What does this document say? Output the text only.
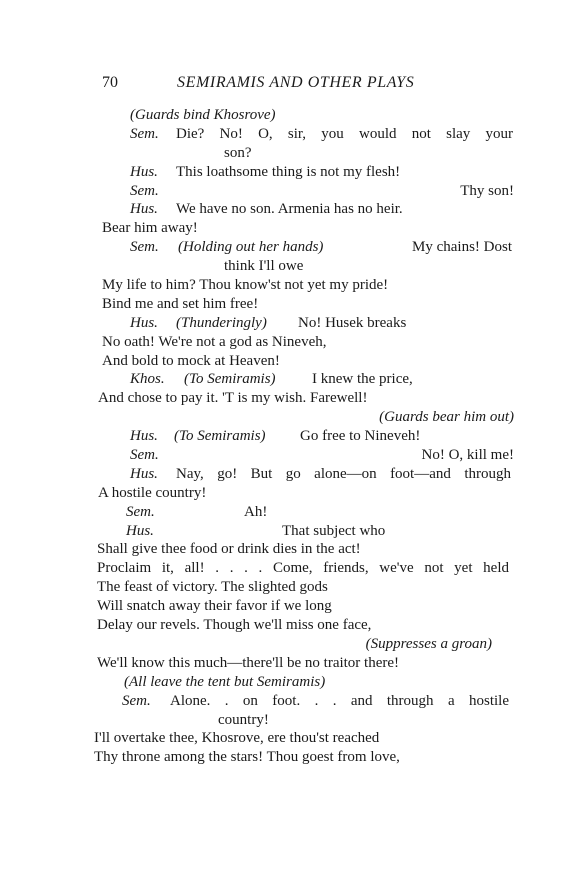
70	SEMIRAMIS AND OTHER PLAYS
(Guards bind Khosrove)
Sem. Die? No! O, sir, you would not slay your
son?
Hus. This loathsome thing is not my flesh!
Sem.	Thy son!
Hus. We have no son. Armenia has no heir.
Bear him away!
Sem. (Holding out her hands)	My chains! Dost
think I'll owe
My life to him? Thou know'st not yet my pride!
Bind me and set him free!
Hus. (Thunderingly) No! Husek breaks
No oath! We're not a god as Nineveh,
And bold to mock at Heaven!
Khos. (To Semiramis) I knew the price,
And chose to pay it. 'T is my wish. Farewell!
(Guards bear him out)
Hus. (To Semiramis) Go free to Nineveh!
Sem.	No! O, kill me!
Hus. Nay, go! But go alone—on foot—and through
A hostile country!
Sem.	Ah!
Hus.	That subject who
Shall give thee food or drink dies in the act!
Proclaim it, all! . . . . Come, friends, we've not yet held
The feast of victory. The slighted gods
Will snatch away their favor if we long
Delay our revels. Though we'll miss one face,
(Suppresses a groan)
We'll know this much—there'll be no traitor there!
(All leave the tent but Semiramis)
Sem. Alone. . on foot. . . and through a hostile
country!
I'll overtake thee, Khosrove, ere thou'st reached
Thy throne among the stars! Thou goest from love,
